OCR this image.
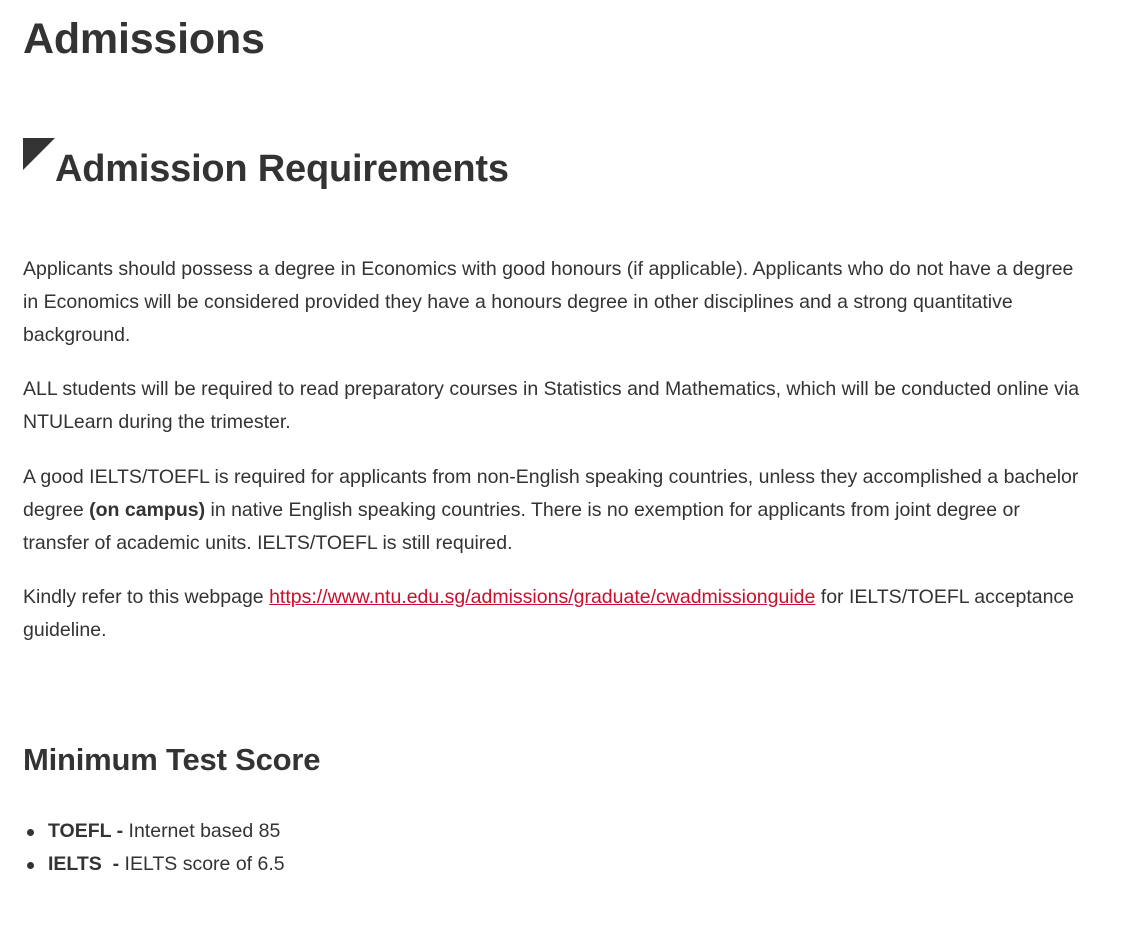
Admissions
Admission Requirements

Applicants should possess a degree in Economics with good honours (if applicable). Applicants who do not have a degree in Economics will be considered provided they have a honours degree in other disciplines and a strong quantitative background.

ALL students will be required to read preparatory courses in Statistics and Mathematics, which will be conducted online via NTULearn during the trimester.

A good IELTS/TOEFL is required for applicants from non-English speaking countries, unless they accomplished a bachelor degree (on campus) in native English speaking countries. There is no exemption for applicants from joint degree or transfer of academic units. IELTS/TOEFL is still required.

Kindly refer to this webpage https://www.ntu.edu.sg/admissions/graduate/cwadmissionguide for IELTS/TOEFL acceptance guideline.

Minimum Test Score
TOEFL - Internet based 85
IELTS  - IELTS score of 6.5
